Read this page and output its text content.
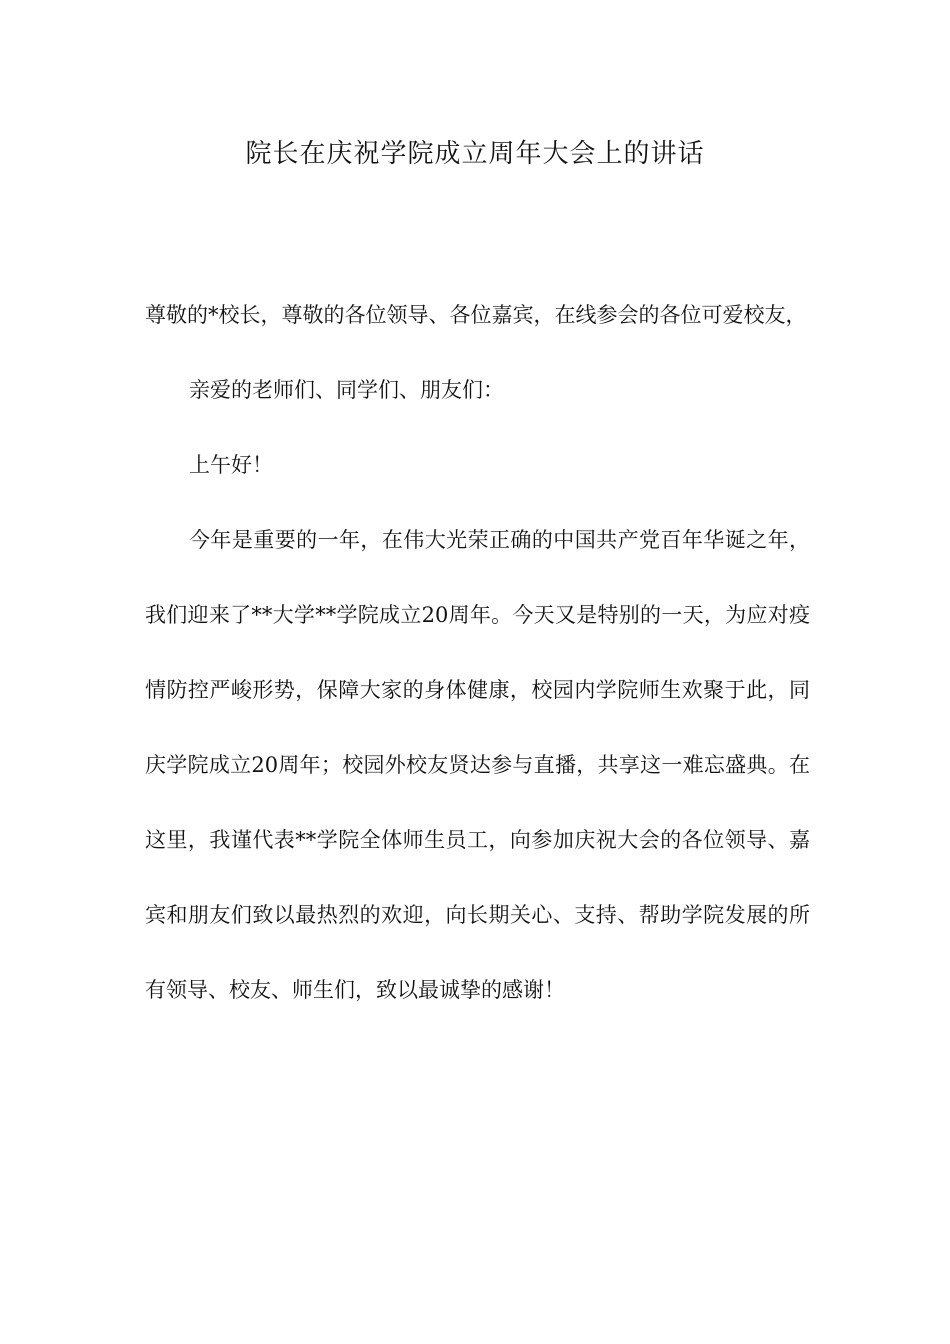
院长在庆祝学院成立周年大会上的讲话

尊敬的*校长，尊敬的各位领导、各位嘉宾，在线参会的各位可爱校友，

亲爱的老师们、同学们、朋友们：

上午好！

今年是重要的一年，在伟大光荣正确的中国共产党百年华诞之年，我们迎来了**大学**学院成立20周年。今天又是特别的一天，为应对疫情防控严峻形势，保障大家的身体健康，校园内学院师生欢聚于此，同庆学院成立20周年；校园外校友贤达参与直播，共享这一难忘盛典。在这里，我谨代表**学院全体师生员工，向参加庆祝大会的各位领导、嘉宾和朋友们致以最热烈的欢迎，向长期关心、支持、帮助学院发展的所有领导、校友、师生们，致以最诚挚的感谢！
